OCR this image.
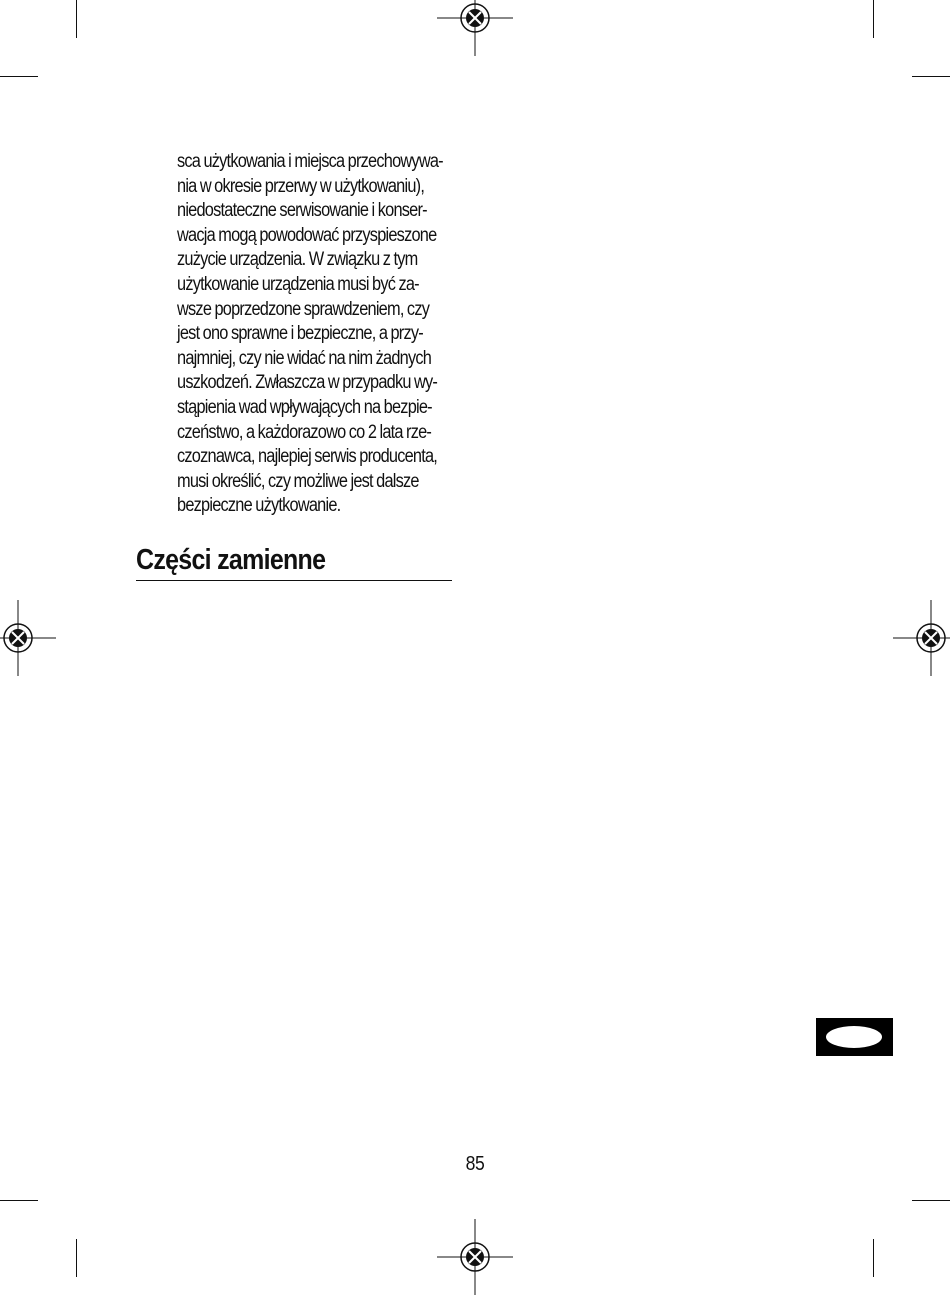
sca użytkowania i miejsca przechowywa-
nia w okresie przerwy w użytkowaniu),
niedostateczne serwisowanie i konser-
wacja mogą powodować przyspieszone
zużycie urządzenia. W związku z tym
użytkowanie urządzenia musi być za-
wsze poprzedzone sprawdzeniem, czy
jest ono sprawne i bezpieczne, a przy-
najmniej, czy nie widać na nim żadnych
uszkodzeń. Zwłaszcza w przypadku wy-
stąpienia wad wpływających na bezpie-
czeństwo, a każdorazowo co 2 lata rze-
czoznawca, najlepiej serwis producenta,
musi określić, czy możliwe jest dalsze
bezpieczne użytkowanie.

Części zamienne
85
